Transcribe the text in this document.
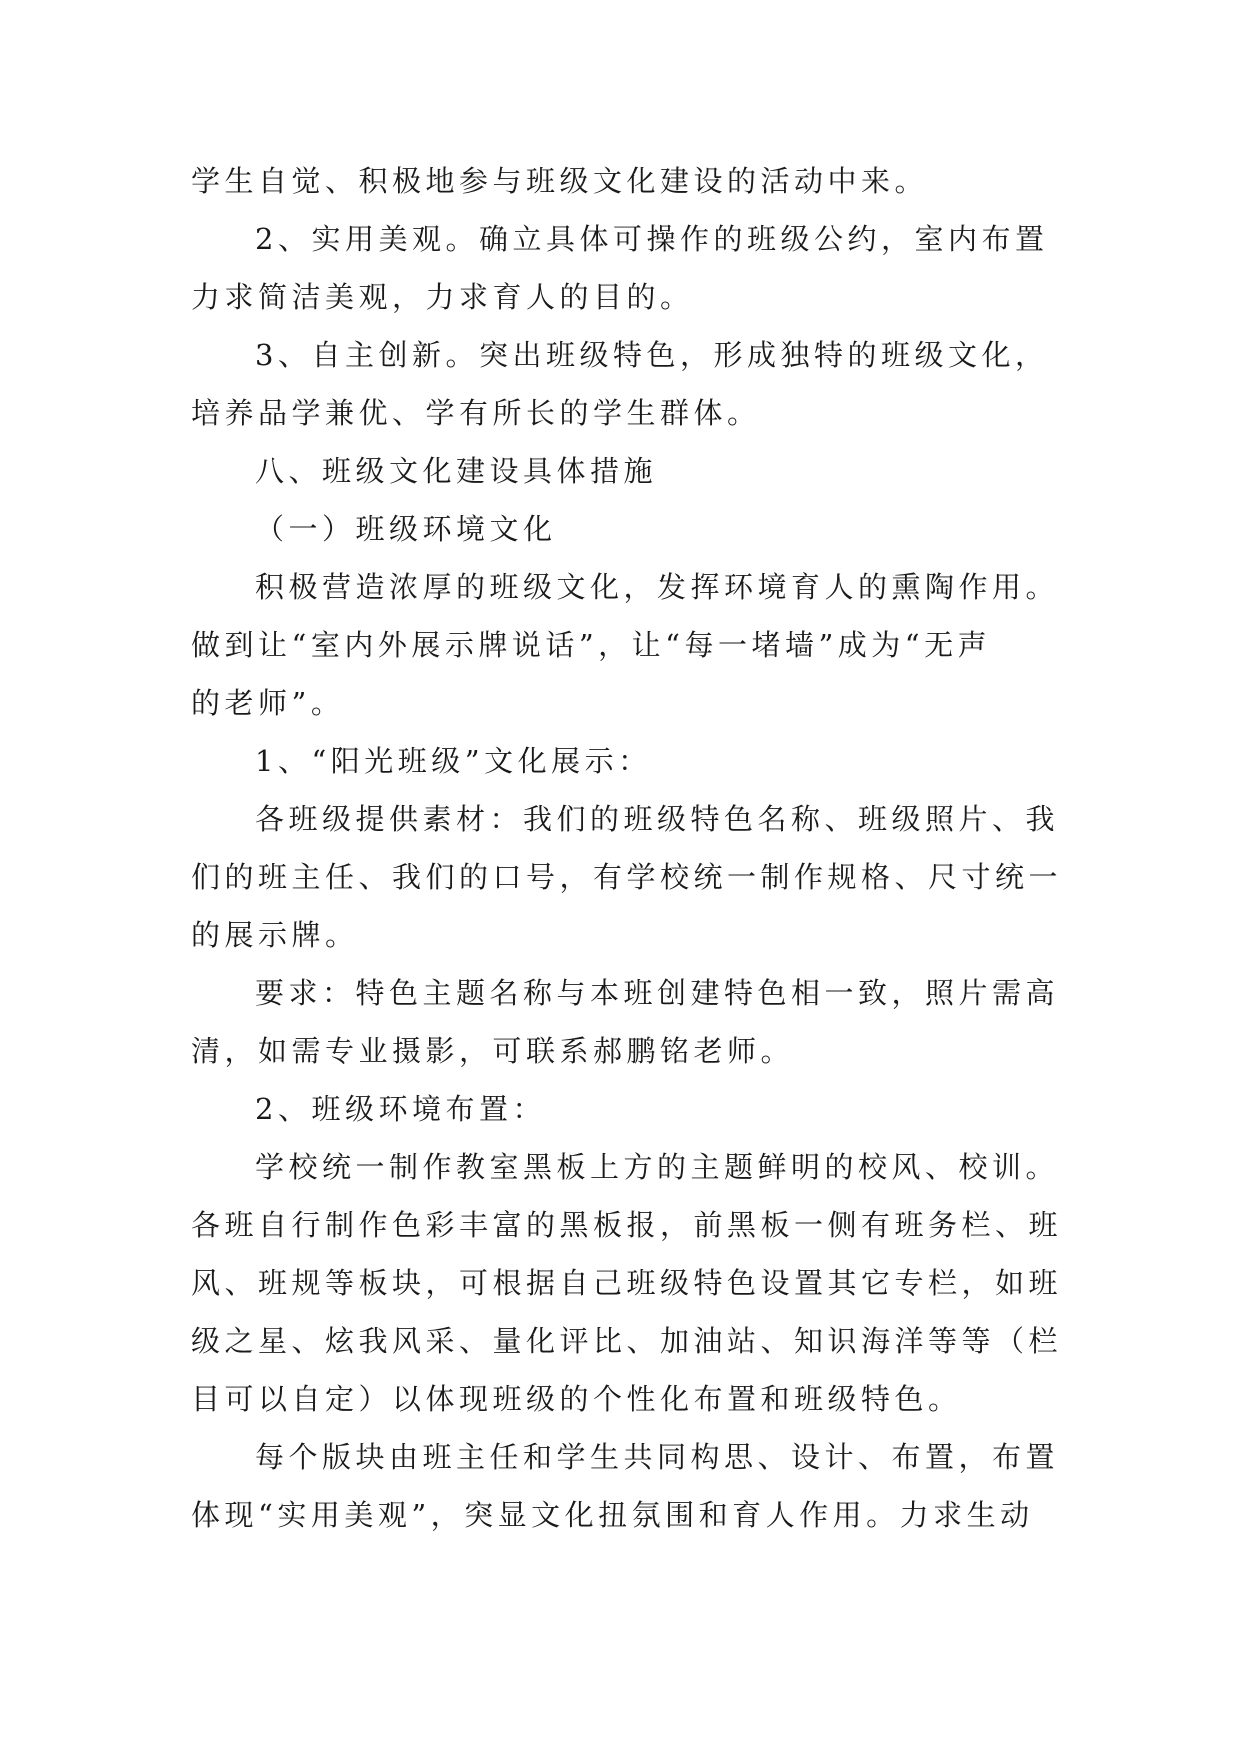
学生自觉、积极地参与班级文化建设的活动中来。
2、实用美观。确立具体可操作的班级公约，室内布置
力求简洁美观，力求育人的目的。
3、自主创新。突出班级特色，形成独特的班级文化，
培养品学兼优、学有所长的学生群体。
八、班级文化建设具体措施
（一）班级环境文化
积极营造浓厚的班级文化，发挥环境育人的熏陶作用。
做到让“室内外展示牌说话”，让“每一堵墙”成为“无声
的老师”。
1、“阳光班级”文化展示：
各班级提供素材：我们的班级特色名称、班级照片、我
们的班主任、我们的口号，有学校统一制作规格、尺寸统一
的展示牌。
要求：特色主题名称与本班创建特色相一致，照片需高
清，如需专业摄影，可联系郝鹏铭老师。
2、班级环境布置：
学校统一制作教室黑板上方的主题鲜明的校风、校训。
各班自行制作色彩丰富的黑板报，前黑板一侧有班务栏、班
风、班规等板块，可根据自己班级特色设置其它专栏，如班
级之星、炫我风采、量化评比、加油站、知识海洋等等（栏
目可以自定）以体现班级的个性化布置和班级特色。
每个版块由班主任和学生共同构思、设计、布置，布置
体现“实用美观”，突显文化扭氛围和育人作用。力求生动
